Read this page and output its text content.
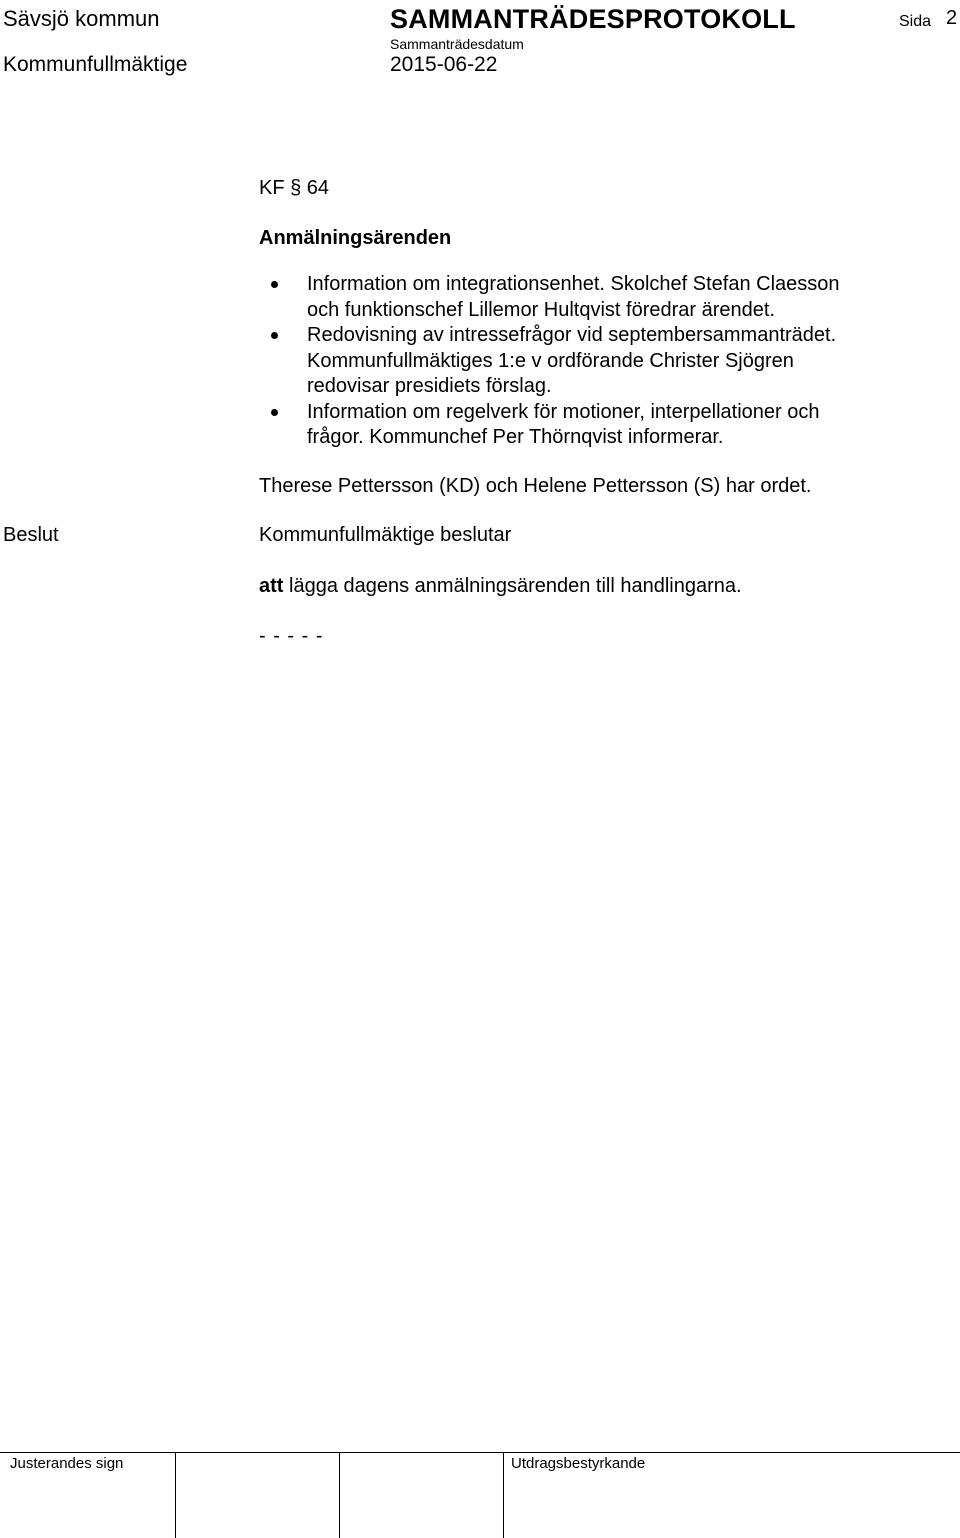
Sävsjö kommun	SAMMANTRÄDESPROTOKOLL	Sida 2
Sammanträdesdatum
Kommunfullmäktige	2015-06-22
KF § 64
Anmälningsärenden
Information om integrationsenhet. Skolchef Stefan Claesson
och funktionschef Lillemor Hultqvist föredrar ärendet.
Redovisning av intressefrågor vid septembersammanträdet.
Kommunfullmäktiges 1:e v ordförande Christer Sjögren
redovisar presidiets förslag.
Information om regelverk för motioner, interpellationer och
frågor. Kommunchef Per Thörnqvist informerar.
Therese Pettersson (KD) och Helene Pettersson (S) har ordet.
Beslut	Kommunfullmäktige beslutar
att lägga dagens anmälningsärenden till handlingarna.
- - - - -
Justerandes sign	Utdragsbestyrkande
